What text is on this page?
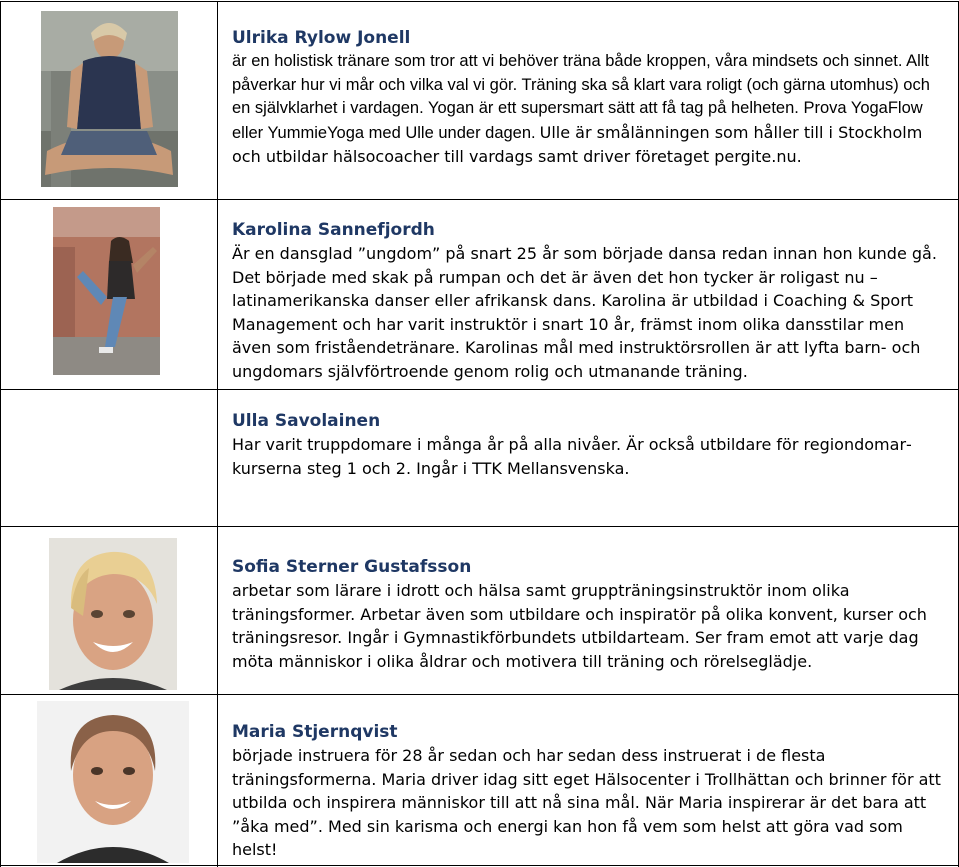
Ulrika Rylow Jonell
är en holistisk tränare som tror att vi behöver träna både kroppen, våra mindsets och sinnet. Allt påverkar hur vi mår och vilka val vi gör. Träning ska så klart vara roligt (och gärna utomhus) och en självklarhet i vardagen. Yogan är ett supersmart sätt att få tag på helheten. Prova YogaFlow eller YummieYoga med Ulle under dagen. Ulle är smålänningen som håller till i Stockholm och utbildar hälsocoacher till vardags samt driver företaget pergite.nu.
Karolina Sannefjordh
Är en dansglad ”ungdom” på snart 25 år som började dansa redan innan hon kunde gå. Det började med skak på rumpan och det är även det hon tycker är roligast nu – latinamerikanska danser eller afrikansk dans. Karolina är utbildad i Coaching & Sport Management och har varit instruktör i snart 10 år, främst inom olika dansstilar men även som friståendetränare. Karolinas mål med instruktörsrollen är att lyfta barn- och ungdomars självförtroende genom rolig och utmanande träning.
Ulla Savolainen
Har varit truppdomare i många år på alla nivåer. Är också utbildare för regiondomarkurserna steg 1 och 2. Ingår i TTK Mellansvenska.
Sofia Sterner Gustafsson
arbetar som lärare i idrott och hälsa samt gruppträningsinstruktör inom olika träningsformer. Arbetar även som utbildare och inspiratör på olika konvent, kurser och träningsresor. Ingår i Gymnastikförbundets utbildarteam. Ser fram emot att varje dag möta människor i olika åldrar och motivera till träning och rörelseglädje.
Maria Stjernqvist
började instruera för 28 år sedan och har sedan dess instruerat i de flesta träningsformerna. Maria driver idag sitt eget Hälsocenter i Trollhättan och brinner för att utbilda och inspirera människor till att nå sina mål. När Maria inspirerar är det bara att ”åka med”. Med sin karisma och energi kan hon få vem som helst att göra vad som helst!
